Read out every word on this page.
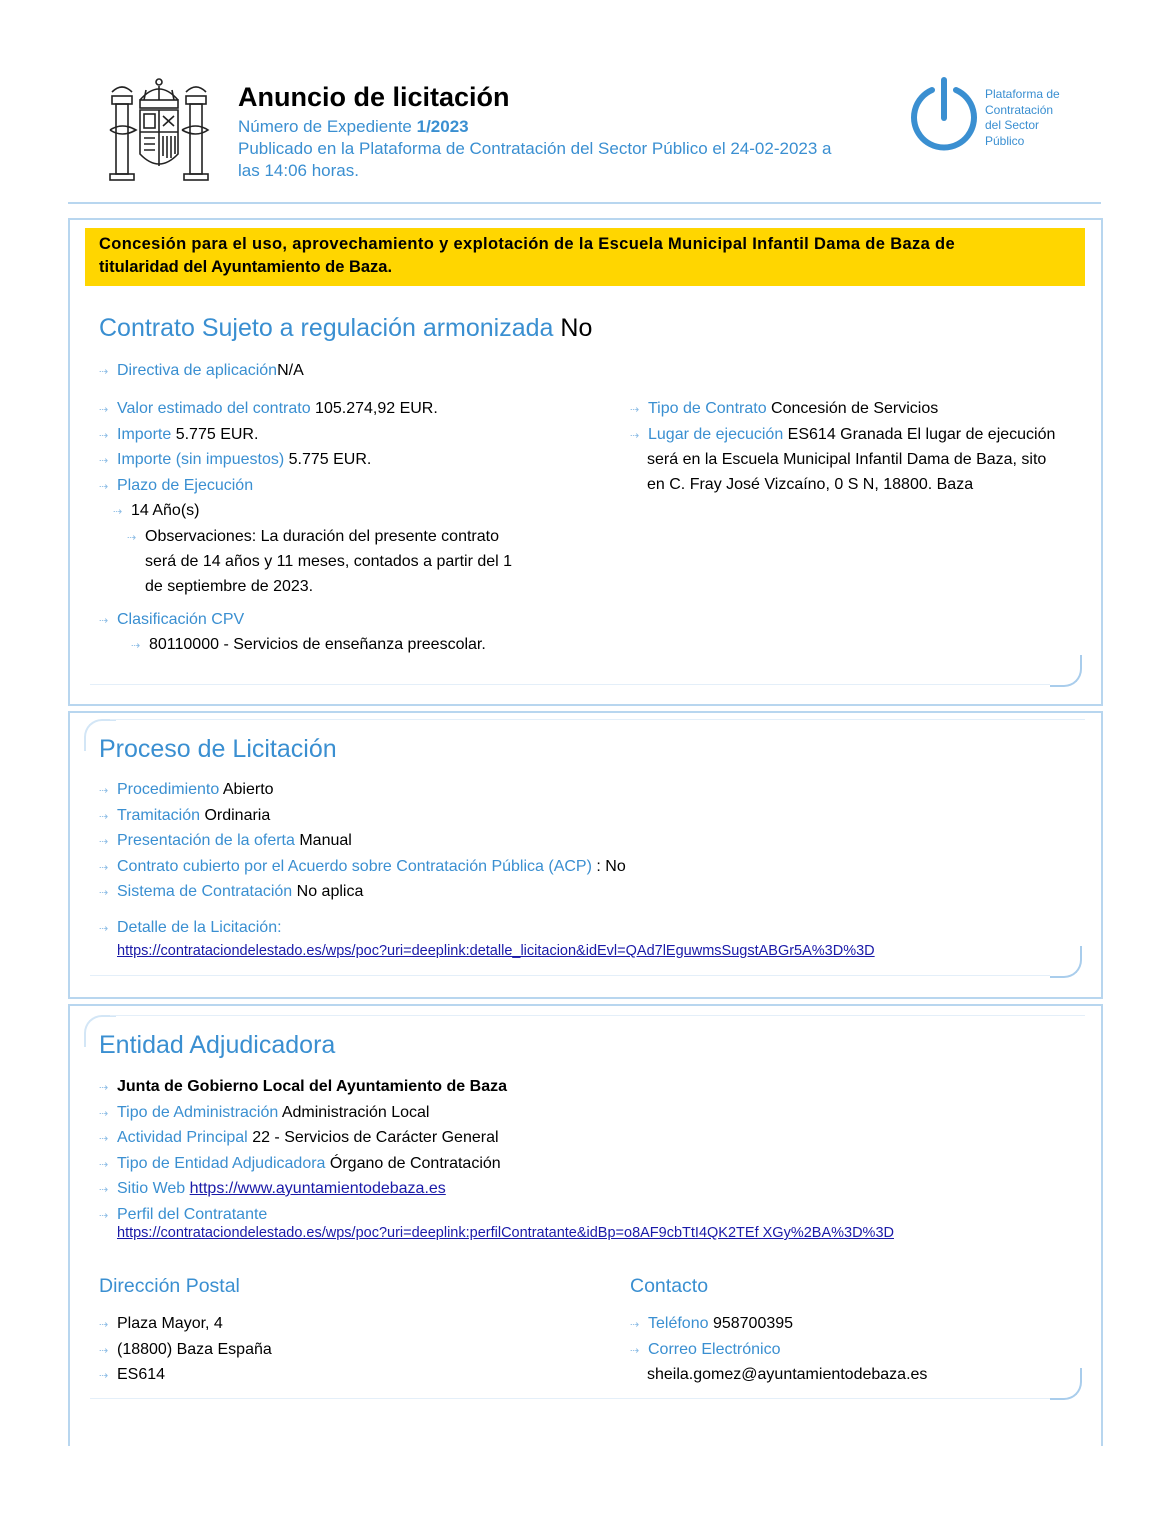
Anuncio de licitación
Número de Expediente 1/2023
Publicado en la Plataforma de Contratación del Sector Público el 24-02-2023 a
las 14:06 horas.
Plataforma de
Contratación
del Sector
Público
Concesión para el uso, aprovechamiento y explotación de la Escuela Municipal Infantil Dama de Baza de
titularidad del Ayuntamiento de Baza.
Contrato Sujeto a regulación armonizada No
⇢ Directiva de aplicaciónN/A
⇢ Valor estimado del contrato 105.274,92 EUR.
⇢ Importe 5.775 EUR.
⇢ Importe (sin impuestos) 5.775 EUR.
⇢ Plazo de Ejecución
⇢ 14 Año(s)
⇢ Observaciones: La duración del presente contrato
será de 14 años y 11 meses, contados a partir del 1
de septiembre de 2023.
⇢ Tipo de Contrato Concesión de Servicios
⇢ Lugar de ejecución ES614 Granada El lugar de ejecución
será en la Escuela Municipal Infantil Dama de Baza, sito
en C. Fray José Vizcaíno, 0 S N, 18800. Baza
⇢ Clasificación CPV
⇢ 80110000 - Servicios de enseñanza preescolar.
Proceso de Licitación
⇢ Procedimiento Abierto
⇢ Tramitación Ordinaria
⇢ Presentación de la oferta Manual
⇢ Contrato cubierto por el Acuerdo sobre Contratación Pública (ACP) : No
⇢ Sistema de Contratación No aplica
⇢ Detalle de la Licitación:
https://contrataciondelestado.es/wps/poc?uri=deeplink:detalle_licitacion&idEvl=QAd7lEguwmsSugstABGr5A%3D%3D
Entidad Adjudicadora
⇢ Junta de Gobierno Local del Ayuntamiento de Baza
⇢ Tipo de Administración Administración Local
⇢ Actividad Principal 22 - Servicios de Carácter General
⇢ Tipo de Entidad Adjudicadora Órgano de Contratación
⇢ Sitio Web https://www.ayuntamientodebaza.es
⇢ Perfil del Contratante
https://contrataciondelestado.es/wps/poc?uri=deeplink:perfilContratante&idBp=o8AF9cbTtI4QK2TEf XGy%2BA%3D%3D
Dirección Postal
⇢ Plaza Mayor, 4
⇢ (18800) Baza España
⇢ ES614
Contacto
⇢ Teléfono 958700395
⇢ Correo Electrónico
sheila.gomez@ayuntamientodebaza.es
